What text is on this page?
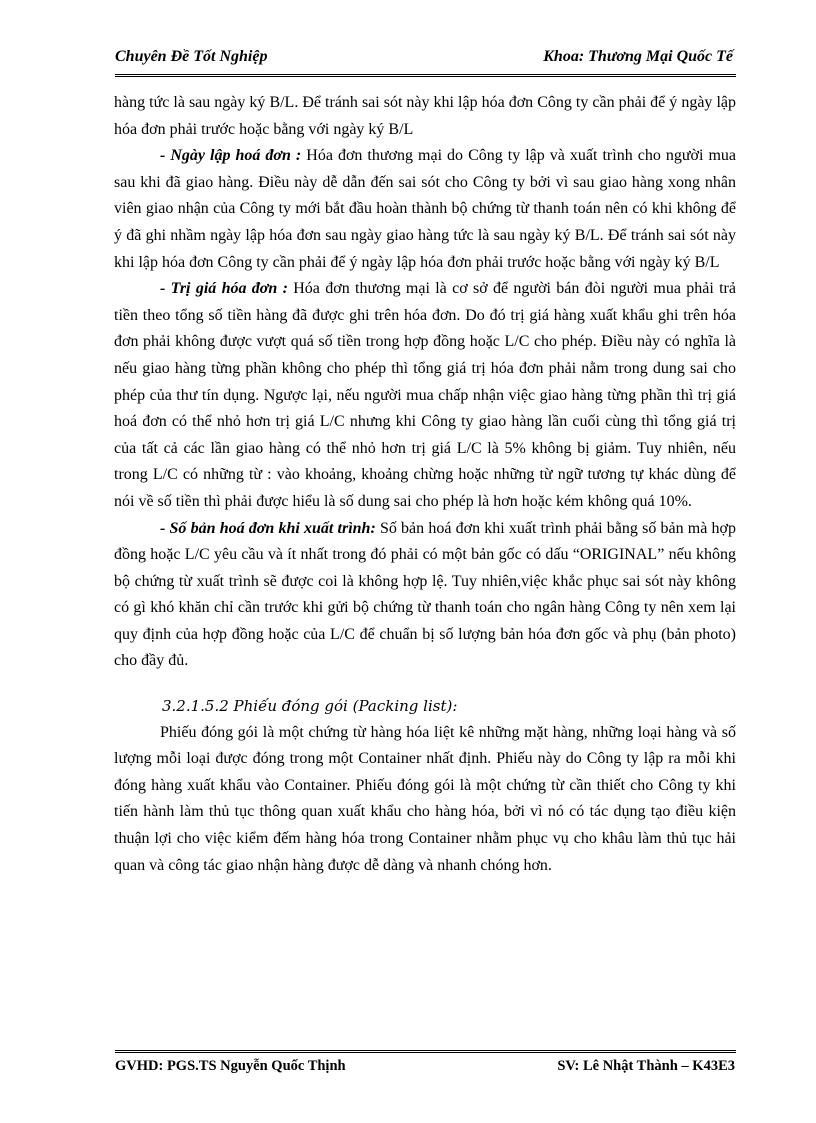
Chuyên Đề Tốt Nghiệp	Khoa: Thương Mại Quốc Tế

hàng tức là sau ngày ký B/L. Để tránh sai sót này khi lập hóa đơn Công ty cần phải để ý ngày lập hóa đơn phải trước hoặc bằng với ngày ký B/L

- Ngày lập hoá đơn : Hóa đơn thương mại do Công ty lập và xuất trình cho người mua sau khi đã giao hàng. Điều này dễ dẫn đến sai sót cho Công ty bởi vì sau giao hàng xong nhân viên giao nhận của Công ty mới bắt đầu hoàn thành bộ chứng từ thanh toán nên có khi không để ý đã ghi nhầm ngày lập hóa đơn sau ngày giao hàng tức là sau ngày ký B/L. Để tránh sai sót này khi lập hóa đơn Công ty cần phải để ý ngày lập hóa đơn phải trước hoặc bằng với ngày ký B/L

- Trị giá hóa đơn : Hóa đơn thương mại là cơ sở để người bán đòi người mua phải trả tiền theo tổng số tiền hàng đã được ghi trên hóa đơn. Do đó trị giá hàng xuất khẩu ghi trên hóa đơn phải không được vượt quá số tiền trong hợp đồng hoặc L/C cho phép. Điều này có nghĩa là nếu giao hàng từng phần không cho phép thì tổng giá trị hóa đơn phải nằm trong dung sai cho phép của thư tín dụng. Ngược lại, nếu người mua chấp nhận việc giao hàng từng phần thì trị giá hoá đơn có thể nhỏ hơn trị giá L/C nhưng khi Công ty giao hàng lần cuối cùng thì tổng giá trị của tất cả các lần giao hàng có thể nhỏ hơn trị giá L/C là 5% không bị giảm. Tuy nhiên, nếu trong L/C có những từ : vào khoảng, khoảng chừng hoặc những từ ngữ tương tự khác dùng để nói về số tiền thì phải được hiểu là số dung sai cho phép là hơn hoặc kém không quá 10%.

- Số bản hoá đơn khi xuất trình: Số bản hoá đơn khi xuất trình phải bằng số bản mà hợp đồng hoặc L/C yêu cầu và ít nhất trong đó phải có một bản gốc có dấu “ORIGINAL” nếu không bộ chứng từ xuất trình sẽ được coi là không hợp lệ. Tuy nhiên,việc khắc phục sai sót này không có gì khó khăn chỉ cần trước khi gửi bộ chứng từ thanh toán cho ngân hàng Công ty nên xem lại quy định của hợp đồng hoặc của L/C để chuẩn bị số lượng bản hóa đơn gốc và phụ (bản photo) cho đầy đủ.

3.2.1.5.2 Phiếu đóng gói (Packing list):

Phiếu đóng gói là một chứng từ hàng hóa liệt kê những mặt hàng, những loại hàng và số lượng mỗi loại được đóng trong một Container nhất định. Phiếu này do Công ty lập ra mỗi khi đóng hàng xuất khẩu vào Container. Phiếu đóng gói là một chứng từ cần thiết cho Công ty khi tiến hành làm thủ tục thông quan xuất khẩu cho hàng hóa, bởi vì nó có tác dụng tạo điều kiện thuận lợi cho việc kiểm đếm hàng hóa trong Container nhằm phục vụ cho khâu làm thủ tục hải quan và công tác giao nhận hàng được dễ dàng và nhanh chóng hơn.

GVHD: PGS.TS Nguyễn Quốc Thịnh	SV: Lê Nhật Thành – K43E3
